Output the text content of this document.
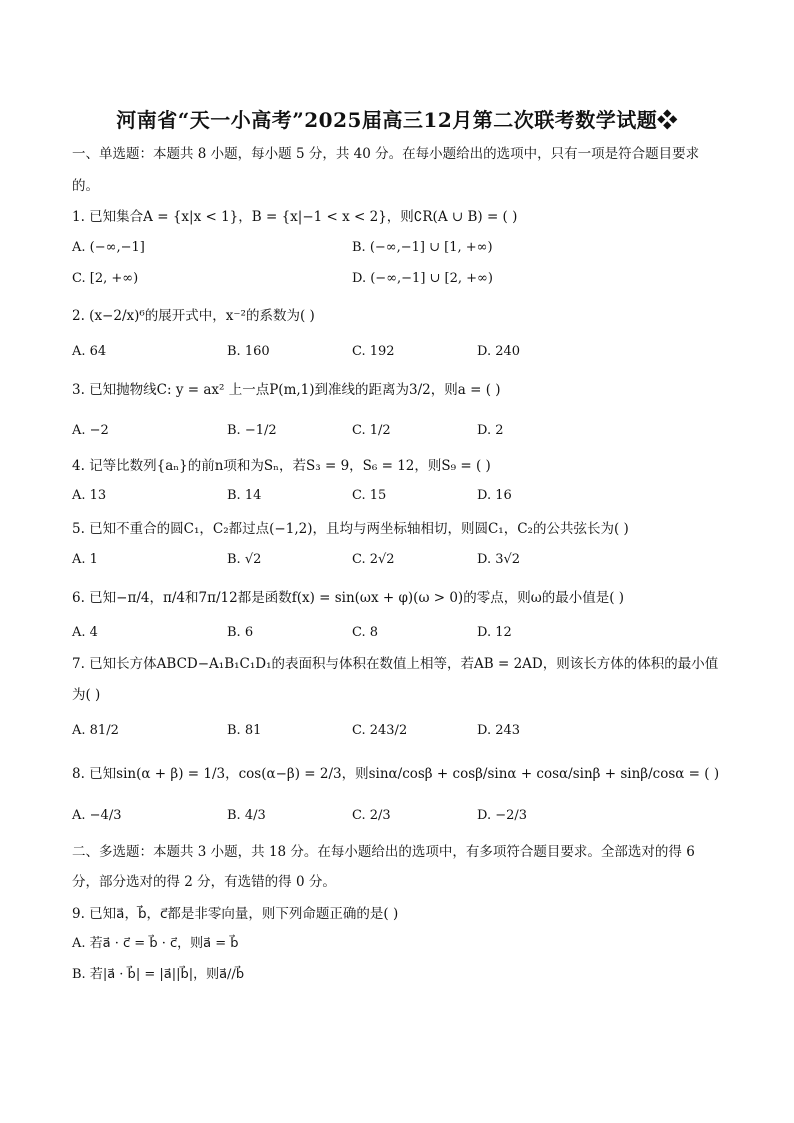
河南省“天一小高考”2025届高三12月第二次联考数学试题❖
一、单选题：本题共 8 小题，每小题 5 分，共 40 分。在每小题给出的选项中，只有一项是符合题目要求
的。
1. 已知集合A = {x|x < 1}，B = {x|−1 < x < 2}，则∁R(A ∪ B) = ( )
A. (−∞,−1]	B. (−∞,−1] ∪ [1, +∞)
C. [2, +∞)	D. (−∞,−1] ∪ [2, +∞)
2. (x−2/x)⁶的展开式中，x⁻²的系数为( )
A. 64	B. 160	C. 192	D. 240
3. 已知抛物线C: y = ax² 上一点P(m,1)到准线的距离为3/2，则a = ( )
A. −2	B. −1/2	C. 1/2	D. 2
4. 记等比数列{aₙ}的前n项和为Sₙ，若S₃ = 9，S₆ = 12，则S₉ = ( )
A. 13	B. 14	C. 15	D. 16
5. 已知不重合的圆C₁，C₂都过点(−1,2)，且均与两坐标轴相切，则圆C₁，C₂的公共弦长为( )
A. 1	B. √2	C. 2√2	D. 3√2
6. 已知−π/4，π/4和7π/12都是函数f(x) = sin(ωx + φ)(ω > 0)的零点，则ω的最小值是( )
A. 4	B. 6	C. 8	D. 12
7. 已知长方体ABCD−A₁B₁C₁D₁的表面积与体积在数值上相等，若AB = 2AD，则该长方体的体积的最小值
为( )
A. 81/2	B. 81	C. 243/2	D. 243
8. 已知sin(α + β) = 1/3，cos(α−β) = 2/3，则sinα/cosβ + cosβ/sinα + cosα/sinβ + sinβ/cosα = ( )
A. −4/3	B. 4/3	C. 2/3	D. −2/3
二、多选题：本题共 3 小题，共 18 分。在每小题给出的选项中，有多项符合题目要求。全部选对的得 6
分，部分选对的得 2 分，有选错的得 0 分。
9. 已知a⃗，b⃗，c⃗都是非零向量，则下列命题正确的是( )
A. 若a⃗ · c⃗ = b⃗ · c⃗，则a⃗ = b⃗
B. 若|a⃗ · b⃗| = |a⃗||b⃗|，则a⃗//b⃗
